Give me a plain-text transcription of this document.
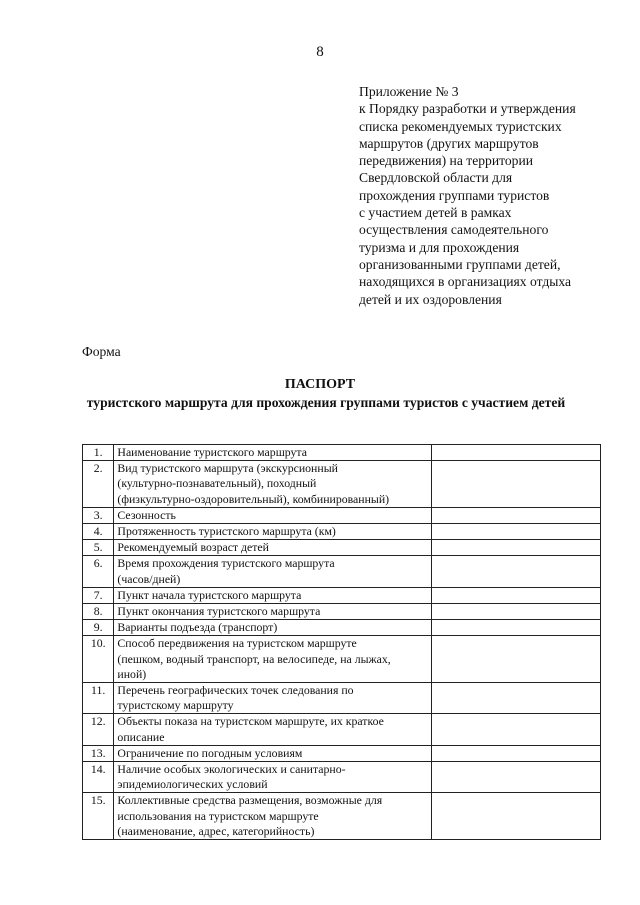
8
Приложение № 3
к Порядку разработки и утверждения
списка рекомендуемых туристских
маршрутов (других маршрутов
передвижения) на территории
Свердловской области для
прохождения группами туристов
с участием детей в рамках
осуществления самодеятельного
туризма и для прохождения
организованными группами детей,
находящихся в организациях отдыха
детей и их оздоровления
Форма
ПАСПОРТ
туристского маршрута для прохождения группами туристов с участием детей
1.	Наименование туристского маршрута	

2.	Вид туристского маршрута (экскурсионный
(культурно-познавательный), походный
(физкультурно-оздоровительный), комбинированный)	

3.	Сезонность	

4.	Протяженность туристского маршрута (км)	

5.	Рекомендуемый возраст детей	

6.	Время прохождения туристского маршрута
(часов/дней)	

7.	Пункт начала туристского маршрута	

8.	Пункт окончания туристского маршрута	

9.	Варианты подъезда (транспорт)	

10.	Способ передвижения на туристском маршруте
(пешком, водный транспорт, на велосипеде, на лыжах,
иной)	

11.	Перечень географических точек следования по
туристскому маршруту	

12.	Объекты показа на туристском маршруте, их краткое
описание	

13.	Ограничение по погодным условиям	

14.	Наличие особых экологических и санитарно-
эпидемиологических условий	

15.	Коллективные средства размещения, возможные для
использования на туристском маршруте
(наименование, адрес, категорийность)	
